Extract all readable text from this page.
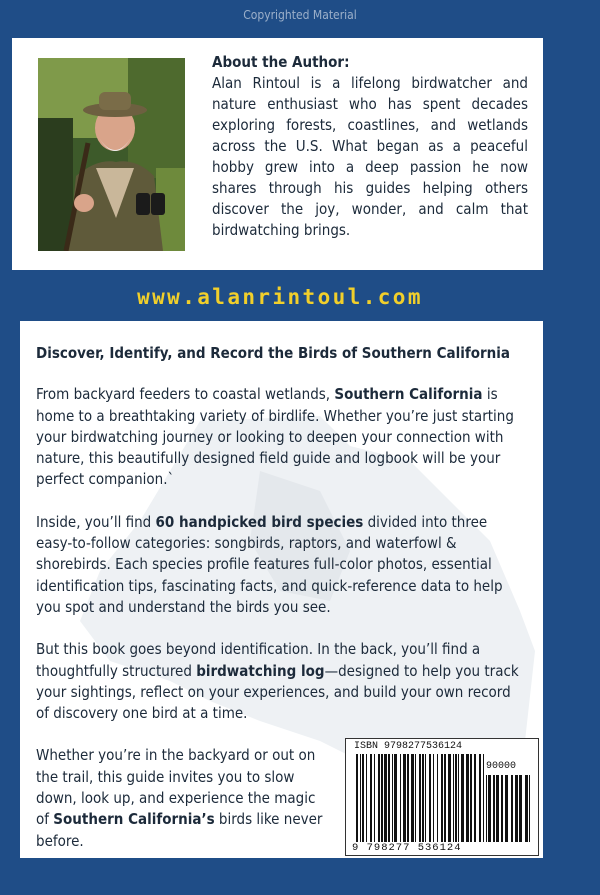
Copyrighted Material
About the Author:
Alan Rintoul is a lifelong birdwatcher and nature enthusiast who has spent decades exploring forests, coastlines, and wetlands across the U.S. What began as a peaceful hobby grew into a deep passion he now shares through his guides helping others discover the joy, wonder, and calm that birdwatching brings.
www.alanrintoul.com

Discover, Identify, and Record the Birds of Southern California

From backyard feeders to coastal wetlands, Southern California is home to a breathtaking variety of birdlife. Whether you’re just starting your birdwatching journey or looking to deepen your connection with nature, this beautifully designed field guide and logbook will be your perfect companion.`

Inside, you’ll find 60 handpicked bird species divided into three easy-to-follow categories: songbirds, raptors, and waterfowl & shorebirds. Each species profile features full-color photos, essential identification tips, fascinating facts, and quick-reference data to help you spot and understand the birds you see.

But this book goes beyond identification. In the back, you’ll find a thoughtfully structured birdwatching log—designed to help you track your sightings, reflect on your experiences, and build your own record of discovery one bird at a time.

Whether you’re in the backyard or out on the trail, this guide invites you to slow down, look up, and experience the magic of Southern California’s birds like never before.

ISBN 9798277536124
90000
9 798277 536124
